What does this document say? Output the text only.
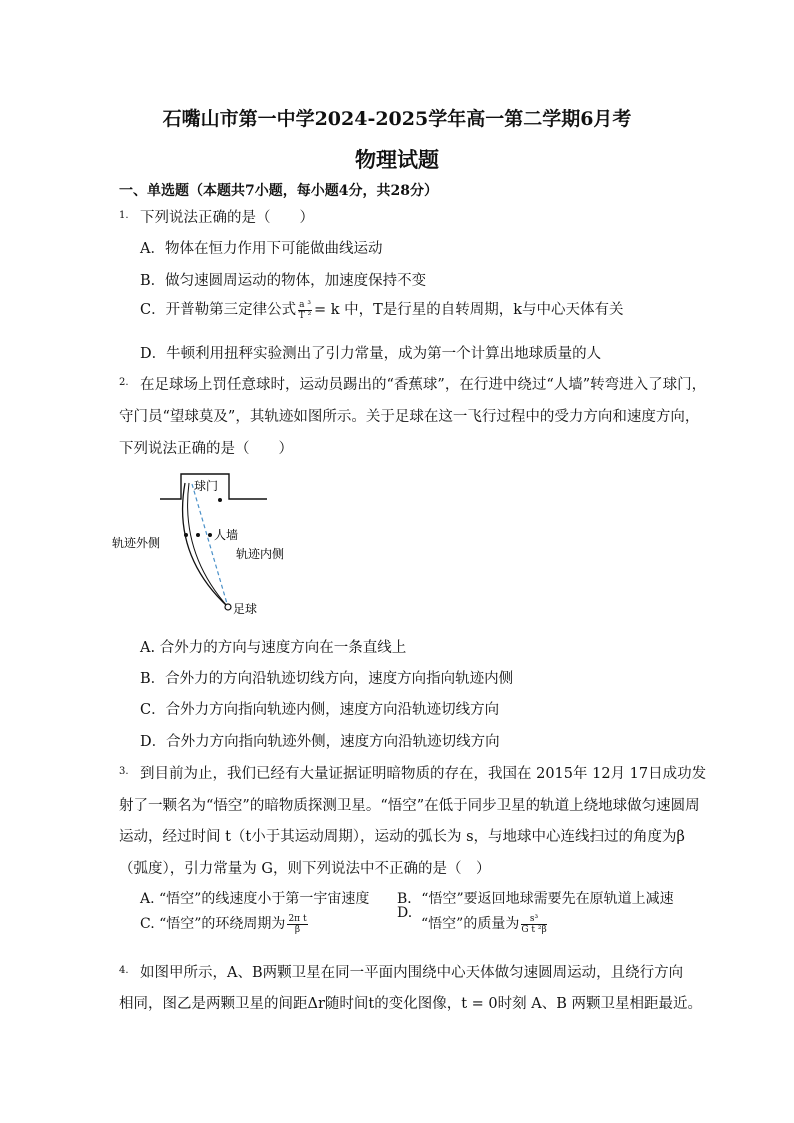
石嘴山市第一中学2024-2025学年高一第二学期6月考
物理试题
一、单选题（本题共7小题，每小题4分，共28分）
1. 下列说法正确的是（　　）
A．物体在恒力作用下可能做曲线运动
B．做匀速圆周运动的物体，加速度保持不变
C．开普勒第三定律公式 $\frac{\text{a ³}}{\text{T ²}} = k$ 中，T是行星的自转周期，k与中心天体有关
D．牛顿利用扭秤实验测出了引力常量，成为第一个计算出地球质量的人
2. 在足球场上罚任意球时，运动员踢出的“香蕉球”，在行进中绕过“人墙”转弯进入了球门，
守门员“望球莫及”，其轨迹如图所示。关于足球在这一飞行过程中的受力方向和速度方向，
下列说法正确的是（　　）
球门
人墙
轨迹外侧
轨迹内侧
足球
A. 合外力的方向与速度方向在一条直线上
B．合外力的方向沿轨迹切线方向，速度方向指向轨迹内侧
C．合外力方向指向轨迹内侧，速度方向沿轨迹切线方向
D．合外力方向指向轨迹外侧，速度方向沿轨迹切线方向
3. 到目前为止，我们已经有大量证据证明暗物质的存在，我国在 2015年 12月 17日成功发
射了一颗名为“悟空”的暗物质探测卫星。“悟空”在低于同步卫星的轨道上绕地球做匀速圆周
运动，经过时间 t（t小于其运动周期），运动的弧长为 s，与地球中心连线扫过的角度为β
（弧度），引力常量为 G，则下列说法中不正确的是（　）
A. “悟空”的线速度小于第一宇宙速度 B．“悟空”要返回地球需要先在原轨道上减速
C. “悟空”的环绕周期为 $\frac{\text{2π t}}{\beta}$
D.
“悟空”的质量为 $\frac{\text{s³}}{\text{G t ²β}}$
4. 如图甲所示，A、B两颗卫星在同一平面内围绕中心天体做匀速圆周运动，且绕行方向
相同，图乙是两颗卫星的间距Δr随时间t的变化图像，t = 0时刻 A、B 两颗卫星相距最近。
